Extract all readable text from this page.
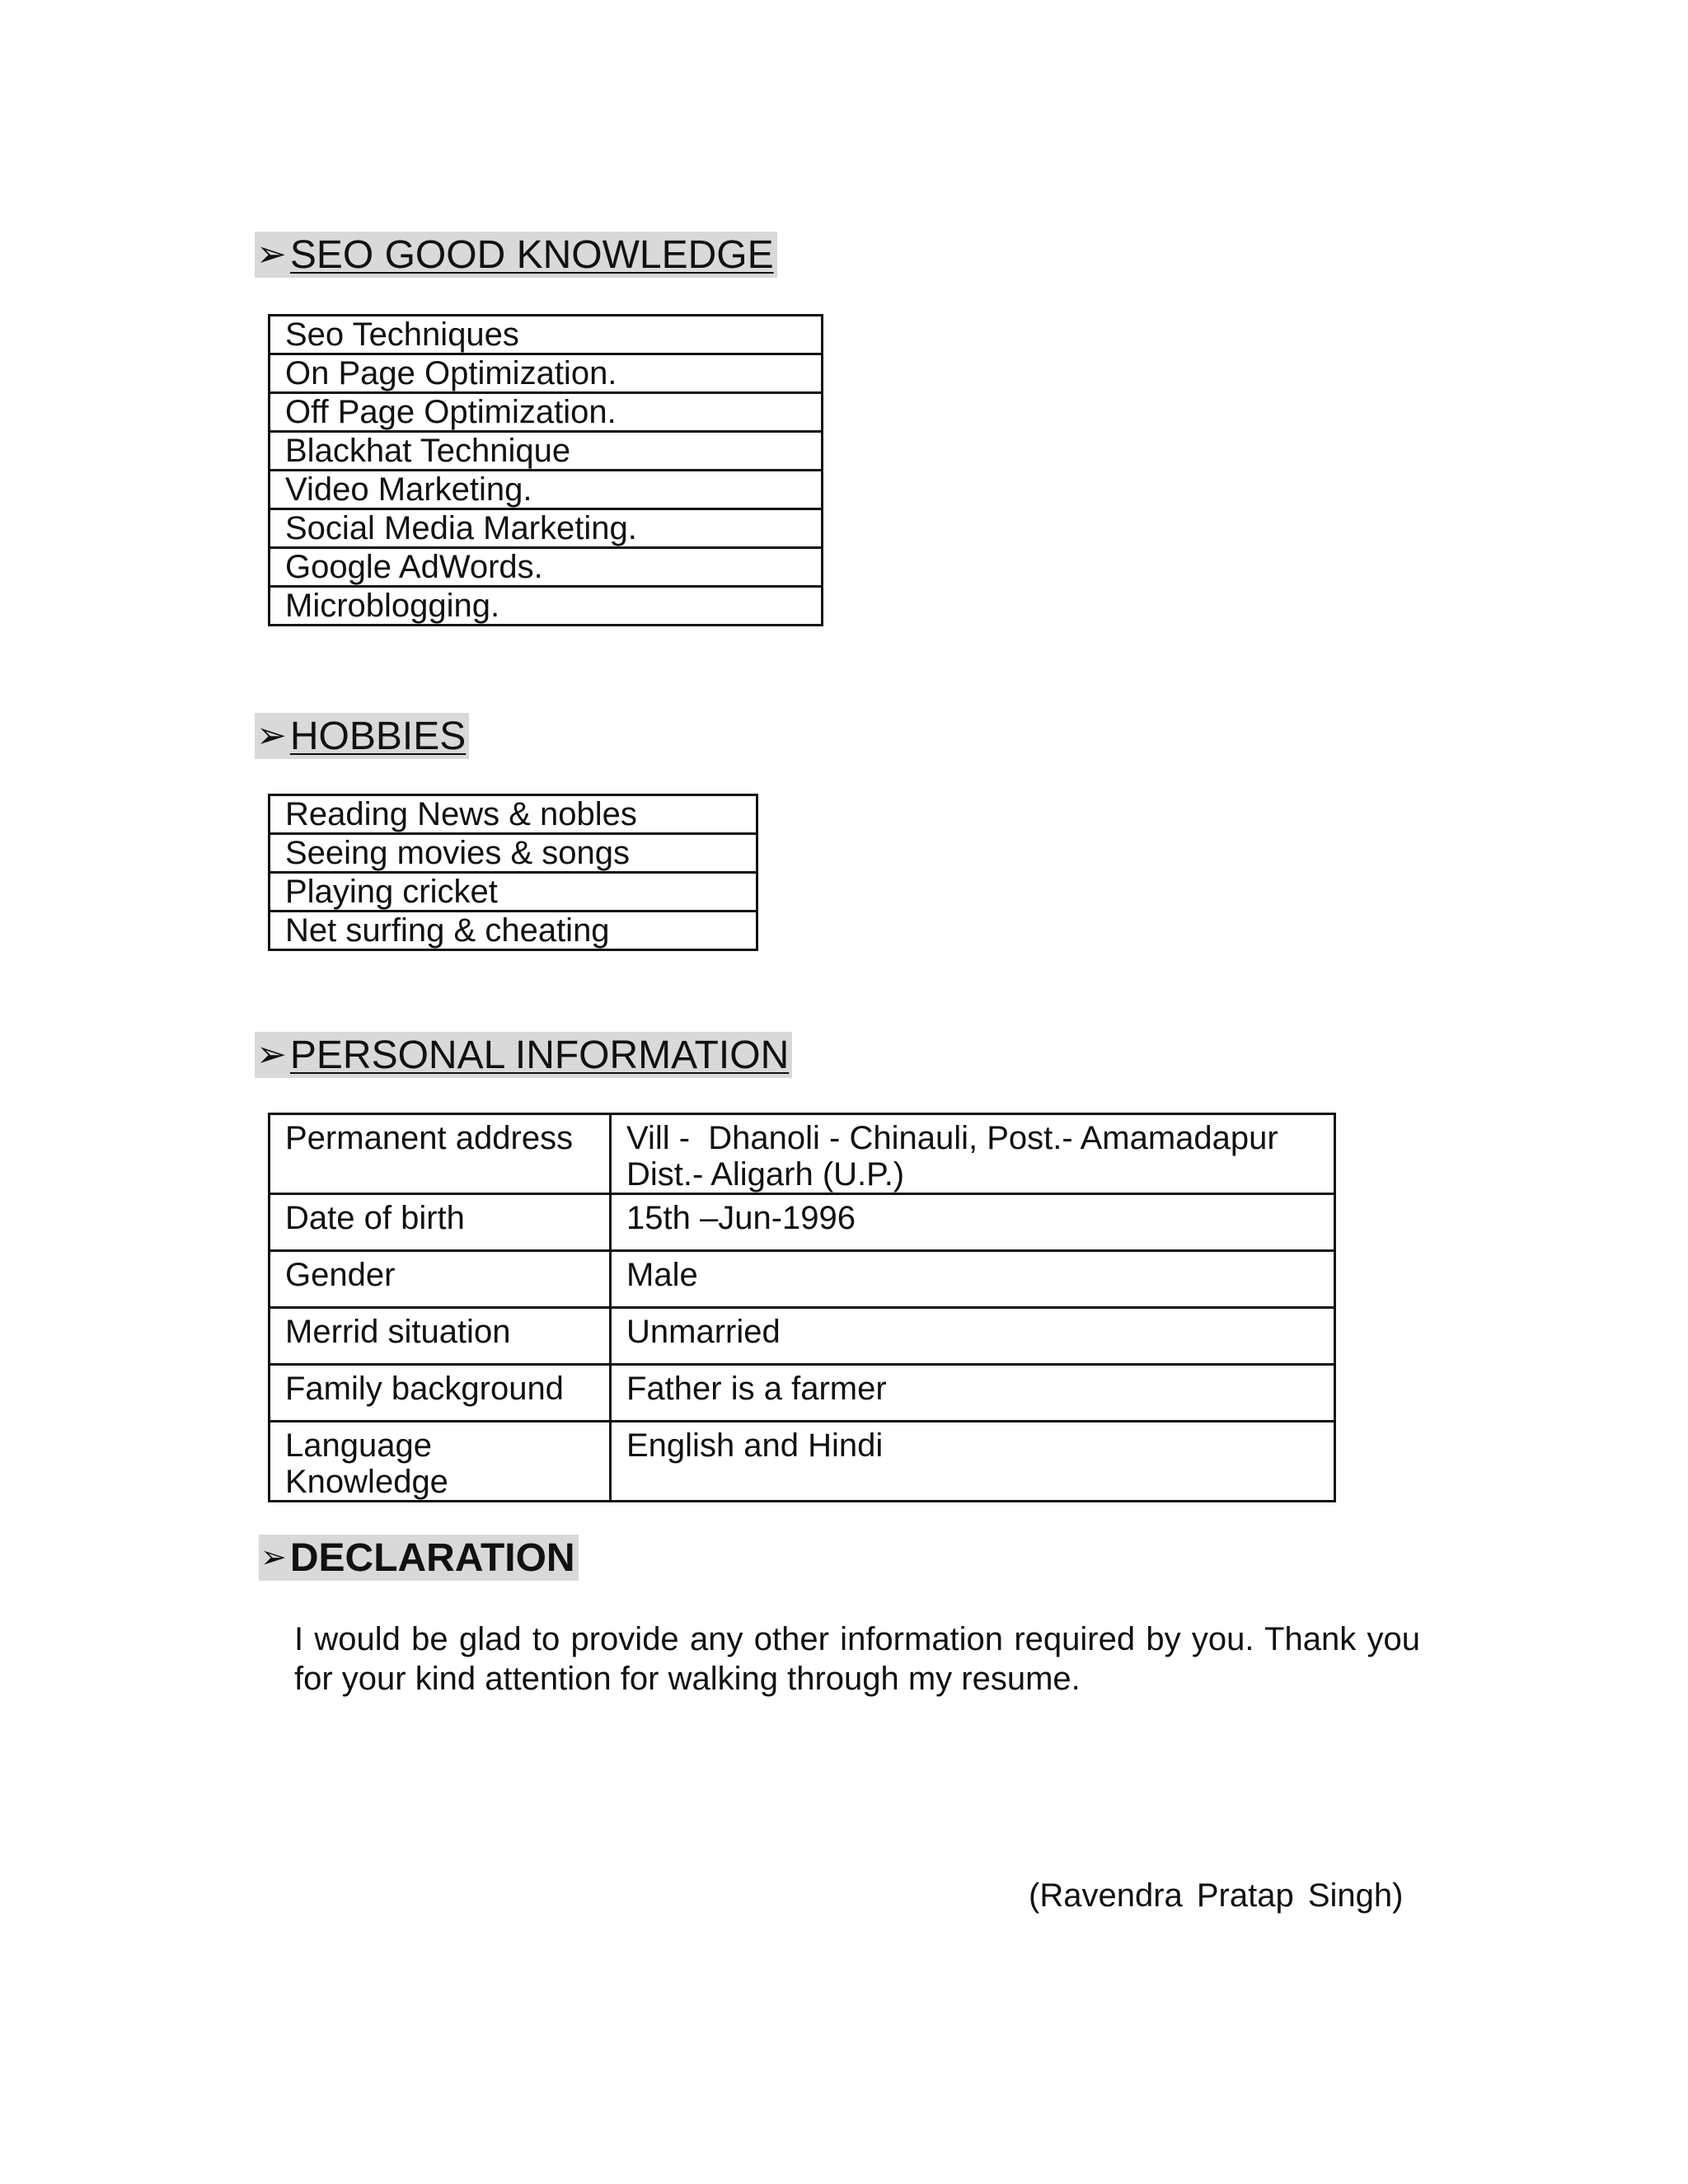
➢ SEO GOOD KNOWLEDGE
Seo Techniques
On Page Optimization.
Off Page Optimization.
Blackhat Technique
Video Marketing.
Social Media Marketing.
Google AdWords.
Microblogging.
➢ HOBBIES
Reading News & nobles
Seeing movies & songs
Playing cricket
Net surfing & cheating
➢ PERSONAL INFORMATION
Permanent address	Vill -  Dhanoli - Chinauli, Post.- Amamadapur
Dist.- Aligarh (U.P.)

Date of birth	15th –Jun-1996
Gender	Male
Merrid situation	Unmarried
Family background	Father is a farmer

Language
Knowledge	English and Hindi
➢ DECLARATION
I would be glad to provide any other information required by you. Thank you for your kind attention for walking through my resume.
(Ravendra Pratap Singh)
